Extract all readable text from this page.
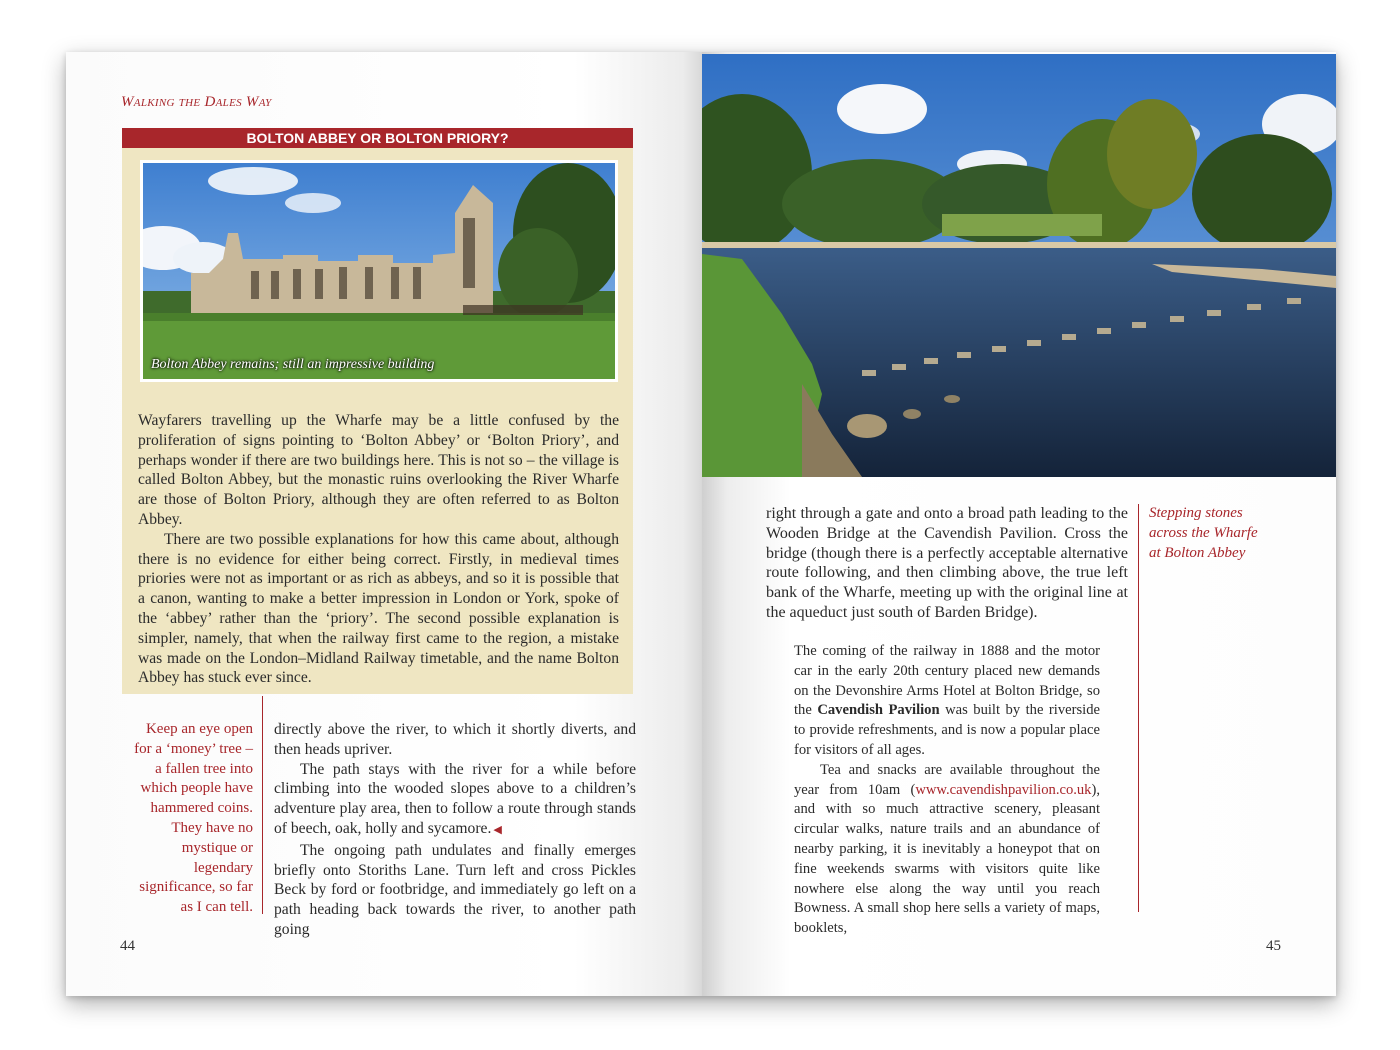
Walking the Dales Way
BOLTON ABBEY OR BOLTON PRIORY?
Bolton Abbey remains; still an impressive building

Wayfarers travelling up the Wharfe may be a little confused by the proliferation of signs pointing to ‘Bolton Abbey’ or ‘Bolton Priory’, and perhaps wonder if there are two buildings here. This is not so – the village is called Bolton Abbey, but the monastic ruins overlooking the River Wharfe are those of Bolton Priory, although they are often referred to as Bolton Abbey.

There are two possible explanations for how this came about, although there is no evidence for either being correct. Firstly, in medieval times priories were not as important or as rich as abbeys, and so it is possible that a canon, wanting to make a better impression in London or York, spoke of the ‘abbey’ rather than the ‘priory’. The second possible explanation is simpler, namely, that when the railway first came to the region, a mistake was made on the London–Midland Railway timetable, and the name Bolton Abbey has stuck ever since.

Keep an eye open for a ‘money’ tree – a fallen tree into which people have hammered coins. They have no mystique or legendary significance, so far as I can tell.

directly above the river, to which it shortly diverts, and then heads upriver.

The path stays with the river for a while before climbing into the wooded slopes above to a children’s adventure play area, then to follow a route through stands of beech, oak, holly and sycamore. ◀

The ongoing path undulates and finally emerges briefly onto Storiths Lane. Turn left and cross Pickles Beck by ford or footbridge, and immediately go left on a path heading back towards the river, to another path going

44
right through a gate and onto a broad path leading to the Wooden Bridge at the Cavendish Pavilion. Cross the bridge (though there is a perfectly acceptable alternative route following, and then climbing above, the true left bank of the Wharfe, meeting up with the original line at the aqueduct just south of Barden Bridge).
Stepping stones across the Wharfe at Bolton Abbey

The coming of the railway in 1888 and the motor car in the early 20th century placed new demands on the Devonshire Arms Hotel at Bolton Bridge, so the Cavendish Pavilion was built by the riverside to provide refreshments, and is now a popular place for visitors of all ages.

Tea and snacks are available throughout the year from 10am (www.cavendishpavilion.co.uk), and with so much attractive scenery, pleasant circular walks, nature trails and an abundance of nearby parking, it is inevitably a honeypot that on fine weekends swarms with visitors quite like nowhere else along the way until you reach Bowness. A small shop here sells a variety of maps, booklets,

45
